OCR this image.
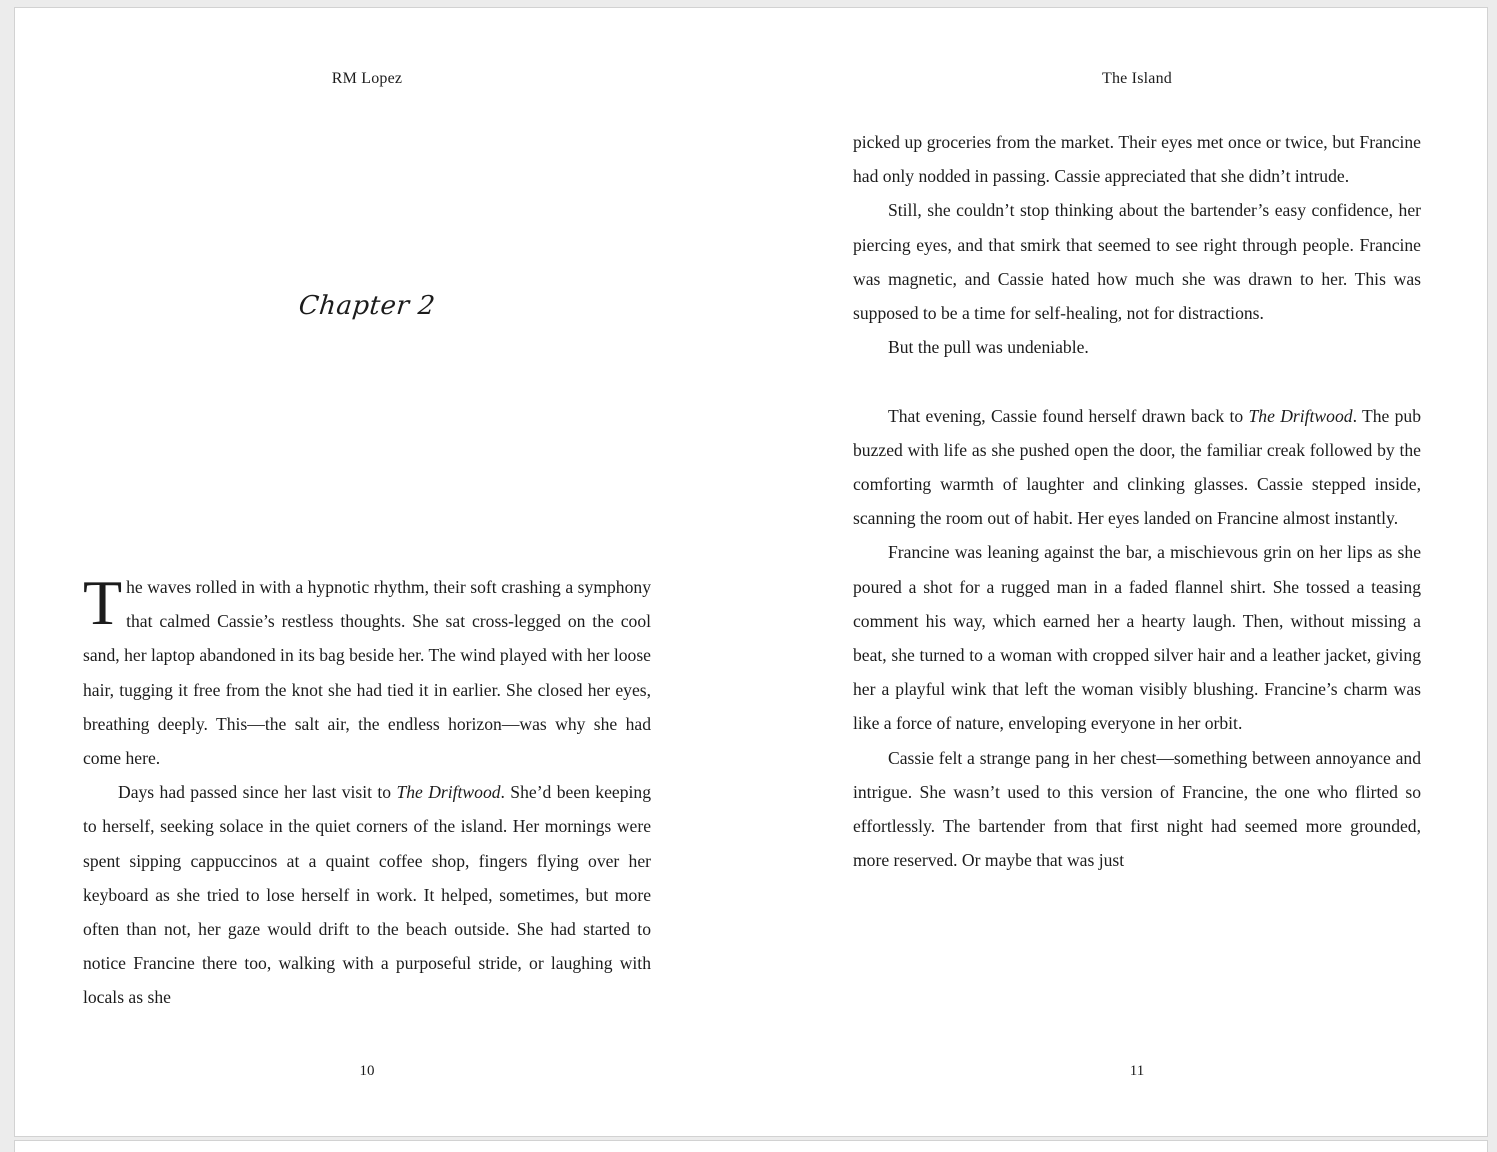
RM Lopez
Chapter 2

The waves rolled in with a hypnotic rhythm, their soft crashing a symphony that calmed Cassie’s restless thoughts. She sat cross-legged on the cool sand, her laptop abandoned in its bag beside her. The wind played with her loose hair, tugging it free from the knot she had tied it in earlier. She closed her eyes, breathing deeply. This—the salt air, the endless horizon—was why she had come here.

Days had passed since her last visit to The Driftwood. She’d been keeping to herself, seeking solace in the quiet corners of the island. Her mornings were spent sipping cappuccinos at a quaint coffee shop, fingers flying over her keyboard as she tried to lose herself in work. It helped, sometimes, but more often than not, her gaze would drift to the beach outside. She had started to notice Francine there too, walking with a purposeful stride, or laughing with locals as she

10
The Island

picked up groceries from the market. Their eyes met once or twice, but Francine had only nodded in passing. Cassie appreciated that she didn’t intrude.

Still, she couldn’t stop thinking about the bartender’s easy confidence, her piercing eyes, and that smirk that seemed to see right through people. Francine was magnetic, and Cassie hated how much she was drawn to her. This was supposed to be a time for self-healing, not for distractions.

But the pull was undeniable.

That evening, Cassie found herself drawn back to The Driftwood. The pub buzzed with life as she pushed open the door, the familiar creak followed by the comforting warmth of laughter and clinking glasses. Cassie stepped inside, scanning the room out of habit. Her eyes landed on Francine almost instantly.

Francine was leaning against the bar, a mischievous grin on her lips as she poured a shot for a rugged man in a faded flannel shirt. She tossed a teasing comment his way, which earned her a hearty laugh. Then, without missing a beat, she turned to a woman with cropped silver hair and a leather jacket, giving her a playful wink that left the woman visibly blushing. Francine’s charm was like a force of nature, enveloping everyone in her orbit.

Cassie felt a strange pang in her chest—something between annoyance and intrigue. She wasn’t used to this version of Francine, the one who flirted so effortlessly. The bartender from that first night had seemed more grounded, more reserved. Or maybe that was just

11
